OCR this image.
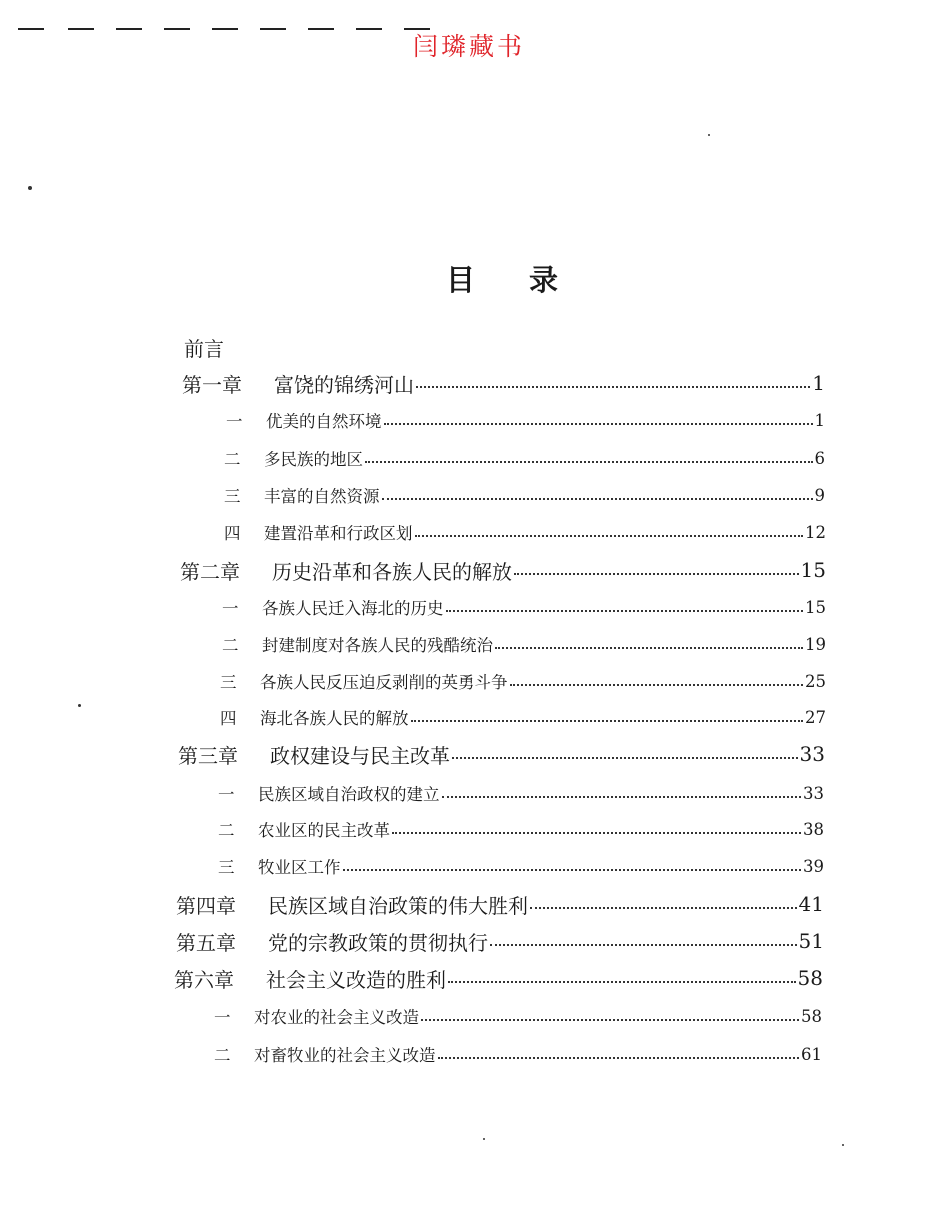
闫璘藏书
目录
前言
第一章	富饶的锦绣河山	1
一	优美的自然环境	1
二	多民族的地区	6
三	丰富的自然资源	9
四	建置沿革和行政区划	12
第二章	历史沿革和各族人民的解放	15
一	各族人民迁入海北的历史	15
二	封建制度对各族人民的残酷统治	19
三	各族人民反压迫反剥削的英勇斗争	25
四	海北各族人民的解放	27
第三章	政权建设与民主改革	33
一	民族区域自治政权的建立	33
二	农业区的民主改革	38
三	牧业区工作	39
第四章	民族区域自治政策的伟大胜利	41
第五章	党的宗教政策的贯彻执行	51
第六章	社会主义改造的胜利	58
一	对农业的社会主义改造	58
二	对畜牧业的社会主义改造	61
